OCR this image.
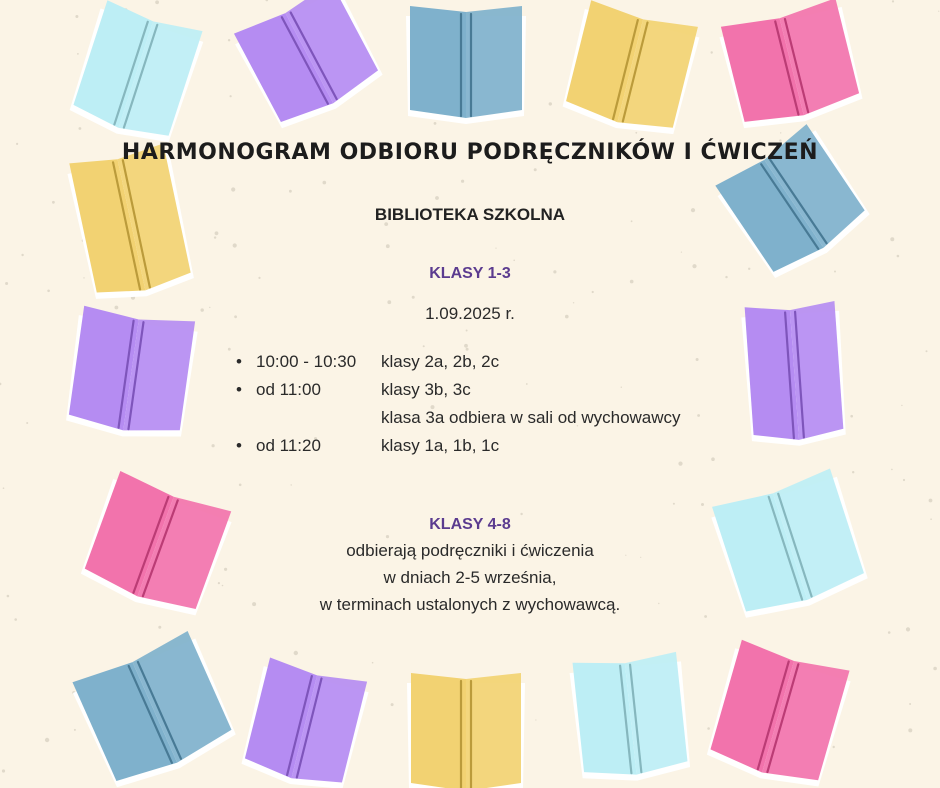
HARMONOGRAM ODBIORU PODRĘCZNIKÓW I ĆWICZEŃ
BIBLIOTEKA SZKOLNA
KLASY 1-3
1.09.2025 r.
• 10:00 - 10:30 klasy 2a, 2b, 2c
• od 11:00	klasy 3b, 3c
klasa 3a odbiera w sali od wychowawcy
• od 11:20	klasy 1a, 1b, 1c
KLASY 4-8
odbierają podręczniki i ćwiczenia
w dniach 2-5 września,
w terminach ustalonych z wychowawcą.
